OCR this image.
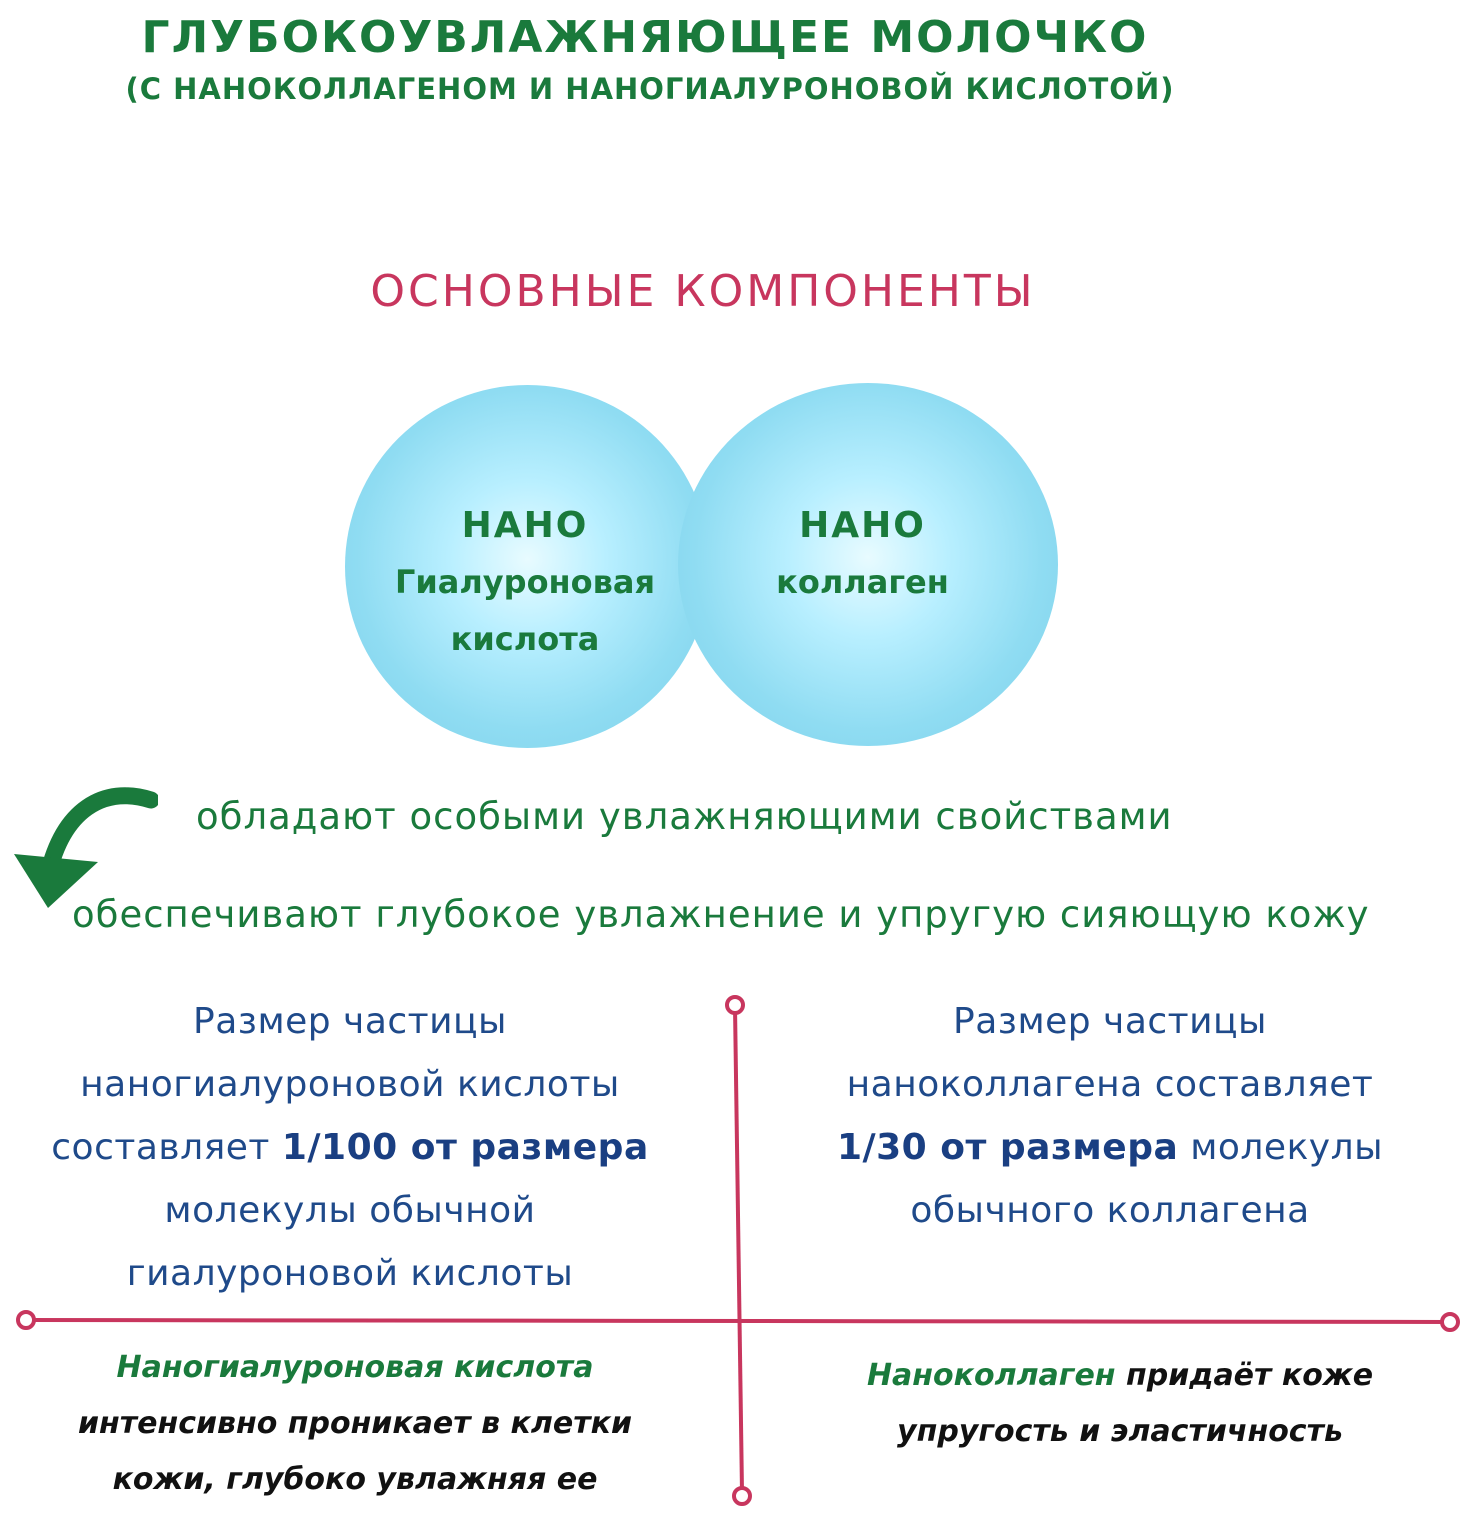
ГЛУБОКОУВЛАЖНЯЮЩЕЕ МОЛОЧКО
(С НАНОКОЛЛАГЕНОМ И НАНОГИАЛУРОНОВОЙ КИСЛОТОЙ)
ОСНОВНЫЕ КОМПОНЕНТЫ
НАНО
Гиалуроновая
кислота
НАНО
коллаген
обладают особыми увлажняющими свойствами
обеспечивают глубокое увлажнение и упругую сияющую кожу
Размер частицы
наногиалуроновой кислоты
составляет 1/100 от размера
молекулы обычной
гиалуроновой кислоты
Размер частицы
наноколлагена составляет
1/30 от размера молекулы
обычного коллагена
Наногиалуроновая кислота
интенсивно проникает в клетки
кожи, глубоко увлажняя ее
Наноколлаген придаёт коже
упругость и эластичность
